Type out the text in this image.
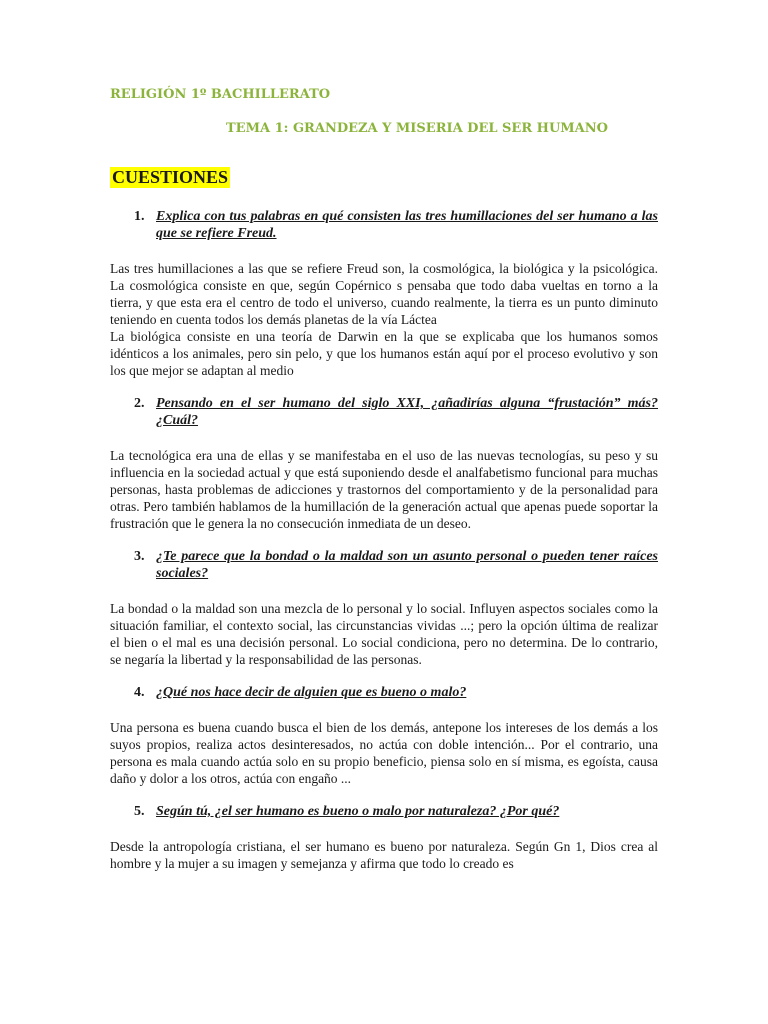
RELIGIÓN 1º BACHILLERATO

TEMA 1: GRANDEZA Y MISERIA DEL SER HUMANO

CUESTIONES

1. Explica con tus palabras en qué consisten las tres humillaciones del ser humano a las que se refiere Freud.

Las tres humillaciones a las que se refiere Freud son, la cosmológica, la biológica y la psicológica. La cosmológica consiste en que, según Copérnico s pensaba que todo daba vueltas en torno a la tierra, y que esta era el centro de todo el universo, cuando realmente, la tierra es un punto diminuto teniendo en cuenta todos los demás planetas de la vía Láctea

La biológica consiste en una teoría de Darwin en la que se explicaba que los humanos somos idénticos a los animales, pero sin pelo, y que los humanos están aquí por el proceso evolutivo y son los que mejor se adaptan al medio

2. Pensando en el ser humano del siglo XXI, ¿añadirías alguna “frustación” más? ¿Cuál?

La tecnológica era una de ellas y se manifestaba en el uso de las nuevas tecnologías, su peso y su influencia en la sociedad actual y que está suponiendo desde el analfabetismo funcional para muchas personas, hasta problemas de adicciones y trastornos del comportamiento y de la personalidad para otras. Pero también hablamos de la humillación de la generación actual que apenas puede soportar la frustración que le genera la no consecución inmediata de un deseo.

3. ¿Te parece que la bondad o la maldad son un asunto personal o pueden tener raíces sociales?

La bondad o la maldad son una mezcla de lo personal y lo social. Influyen aspectos sociales como la situación familiar, el contexto social, las circunstancias vividas ...; pero la opción última de realizar el bien o el mal es una decisión personal. Lo social condiciona, pero no determina. De lo contrario, se negaría la libertad y la responsabilidad de las personas.

4. ¿Qué nos hace decir de alguien que es bueno o malo?

Una persona es buena cuando busca el bien de los demás, antepone los intereses de los demás a los suyos propios, realiza actos desinteresados, no actúa con doble intención... Por el contrario, una persona es mala cuando actúa solo en su propio beneficio, piensa solo en sí misma, es egoísta, causa daño y dolor a los otros, actúa con engaño ...

5. Según tú, ¿el ser humano es bueno o malo por naturaleza? ¿Por qué?

Desde la antropología cristiana, el ser humano es bueno por naturaleza. Según Gn 1, Dios crea al hombre y la mujer a su imagen y semejanza y afirma que todo lo creado es
